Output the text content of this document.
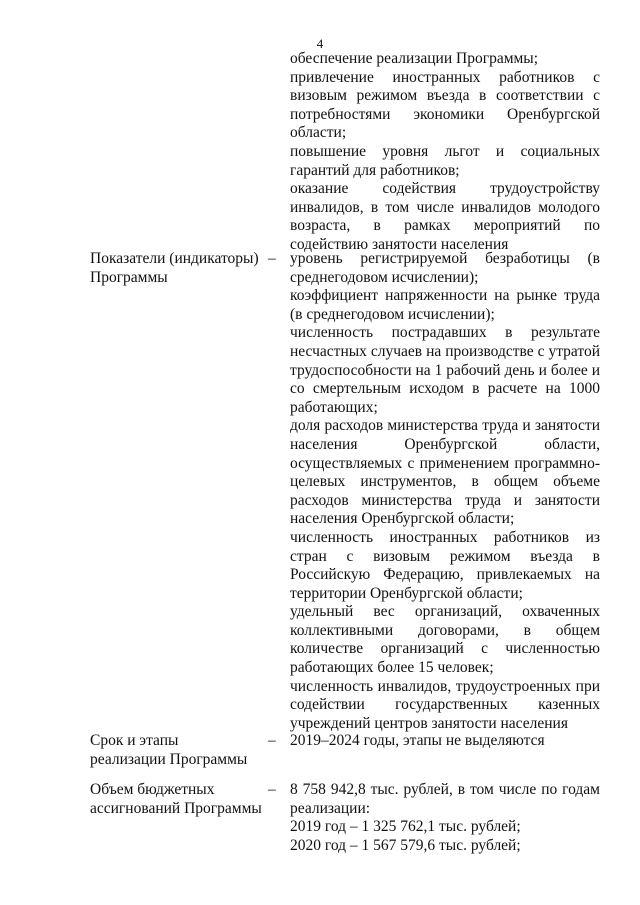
4

обеспечение реализации Программы;

привлечение иностранных работников с визовым режимом въезда в соответствии с потребностями экономики Оренбургской области;

повышение уровня льгот и социальных гарантий для работников;

оказание содействия трудоустройству инвалидов, в том числе инвалидов молодого возраста, в рамках мероприятий по содействию занятости населения

Показатели (индикаторы)
Программы
– уровень регистрируемой безработицы (в среднегодовом исчислении);

коэффициент напряженности на рынке труда (в среднегодовом исчислении);

численность пострадавших в результате несчастных случаев на производстве с утратой трудоспособности на 1 рабочий день и более и со смертельным исходом в расчете на 1000 работающих;

доля расходов министерства труда и занятости населения Оренбургской области, осуществляемых с применением программно-целевых инструментов, в общем объеме расходов министерства труда и занятости населения Оренбургской области;

численность иностранных работников из стран с визовым режимом въезда в Российскую Федерацию, привлекаемых на территории Оренбургской области;

удельный вес организаций, охваченных коллективными договорами, в общем количестве организаций с численностью работающих более 15 человек;

численность инвалидов, трудоустроенных при содействии государственных казенных учреждений центров занятости населения

Срок и этапы
реализации Программы
– 2019–2024 годы, этапы не выделяются

Объем бюджетных
ассигнований Программы
– 8 758 942,8 тыс. рублей, в том числе по годам реализации:

2019 год – 1 325 762,1 тыс. рублей;

2020 год – 1 567 579,6 тыс. рублей;
